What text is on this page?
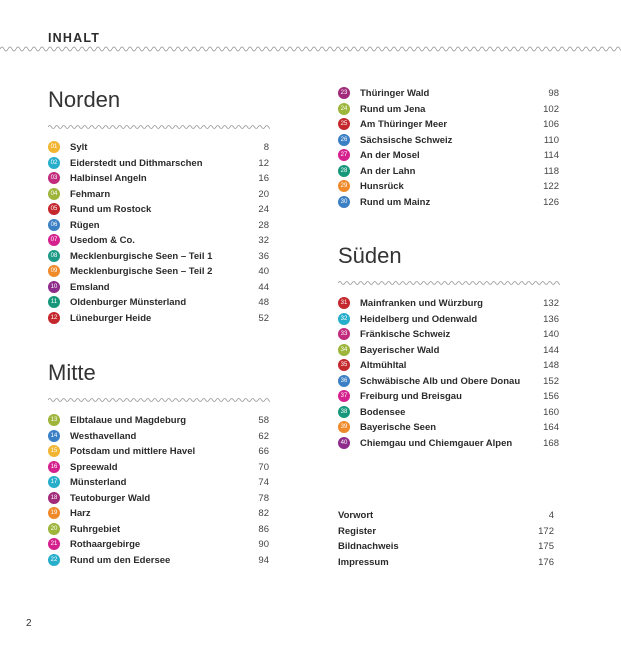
INHALT
Norden
01 Sylt	8
02 Eiderstedt und Dithmarschen	12
03 Halbinsel Angeln	16
04 Fehmarn	20
05 Rund um Rostock	24
06 Rügen	28
07 Usedom & Co.	32
08 Mecklenburgische Seen – Teil 1	36
09 Mecklenburgische Seen – Teil 2	40
10 Emsland	44
11	Oldenburger Münsterland	48
12 Lüneburger Heide	52
Mitte
13 Elbtalaue und Magdeburg	58
14 Westhavelland	62
15 Potsdam und mittlere Havel	66
16 Spreewald	70
17 Münsterland	74
18 Teutoburger Wald	78
19 Harz	82
20 Ruhrgebiet	86
21 Rothaargebirge	90
22 Rund um den Edersee	94
23 Thüringer Wald	98
24 Rund um Jena	102
25 Am Thüringer Meer	106
26 Sächsische Schweiz	110
27 An der Mosel	114
28 An der Lahn	118
29 Hunsrück	122
30 Rund um Mainz	126
Süden
31 Mainfranken und Würzburg	132
32 Heidelberg und Odenwald	136
33 Fränkische Schweiz	140
34 Bayerischer Wald	144
35 Altmühltal	148
36 Schwäbische Alb und Obere Donau 152
37 Freiburg und Breisgau	156
38 Bodensee	160
39 Bayerische Seen	164
40 Chiemgau und Chiemgauer Alpen	168
Vorwort	4
Register	172
Bildnachweis	175
Impressum	176
2
